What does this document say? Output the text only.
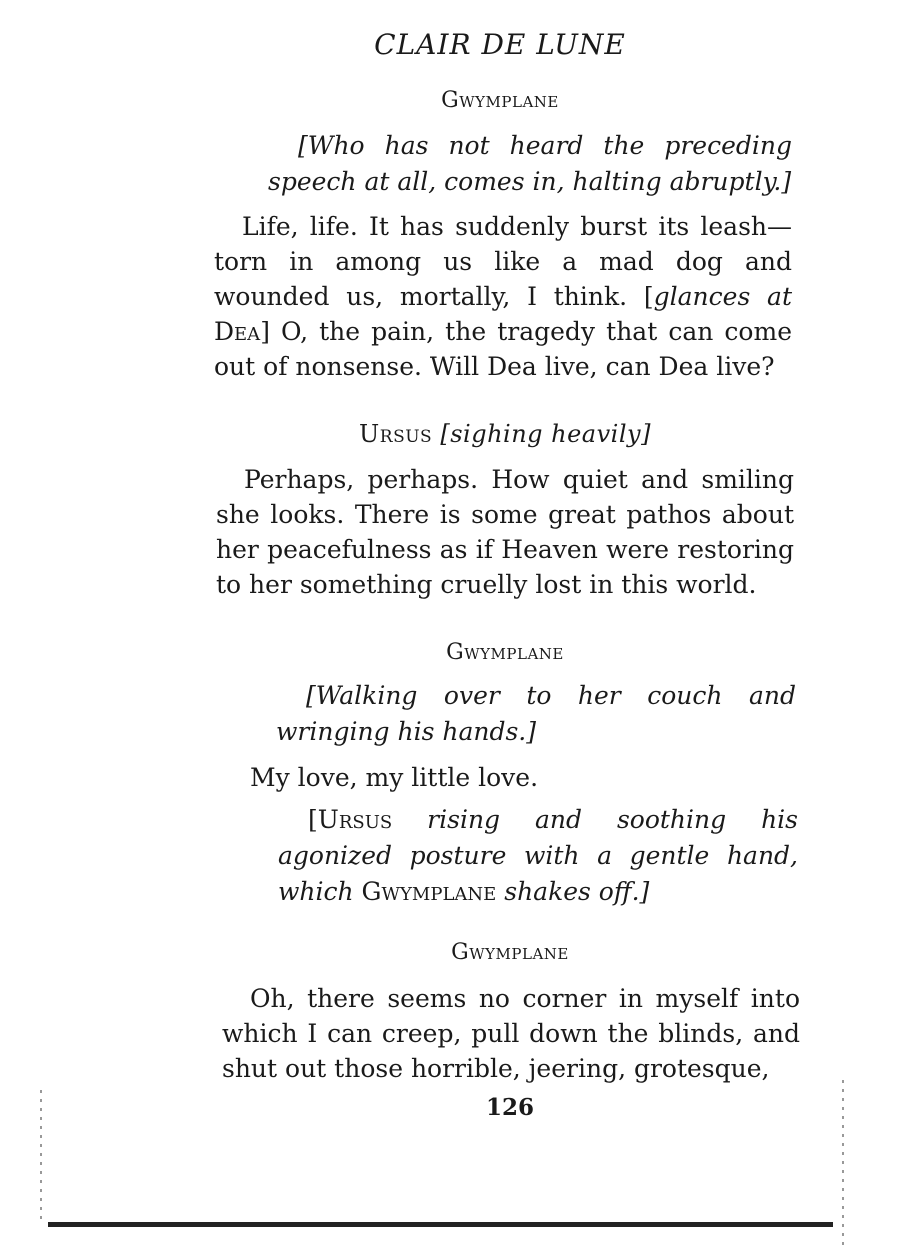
CLAIR DE LUNE
Gwymplane
[Who has not heard the preceding speech at all, comes in, halting abruptly.]
Life, life. It has suddenly burst its leash—torn in among us like a mad dog and wounded us, mortally, I think. [glances at Dea] O, the pain, the tragedy that can come out of nonsense. Will Dea live, can Dea live?
Ursus [sighing heavily]
Perhaps, perhaps. How quiet and smiling she looks. There is some great pathos about her peacefulness as if Heaven were restoring to her something cruelly lost in this world.
Gwymplane
[Walking over to her couch and wringing his hands.]
My love, my little love.
[Ursus rising and soothing his agonized posture with a gentle hand, which Gwymplane shakes off.]
Gwymplane
Oh, there seems no corner in myself into which I can creep, pull down the blinds, and shut out those horrible, jeering, grotesque,
126
